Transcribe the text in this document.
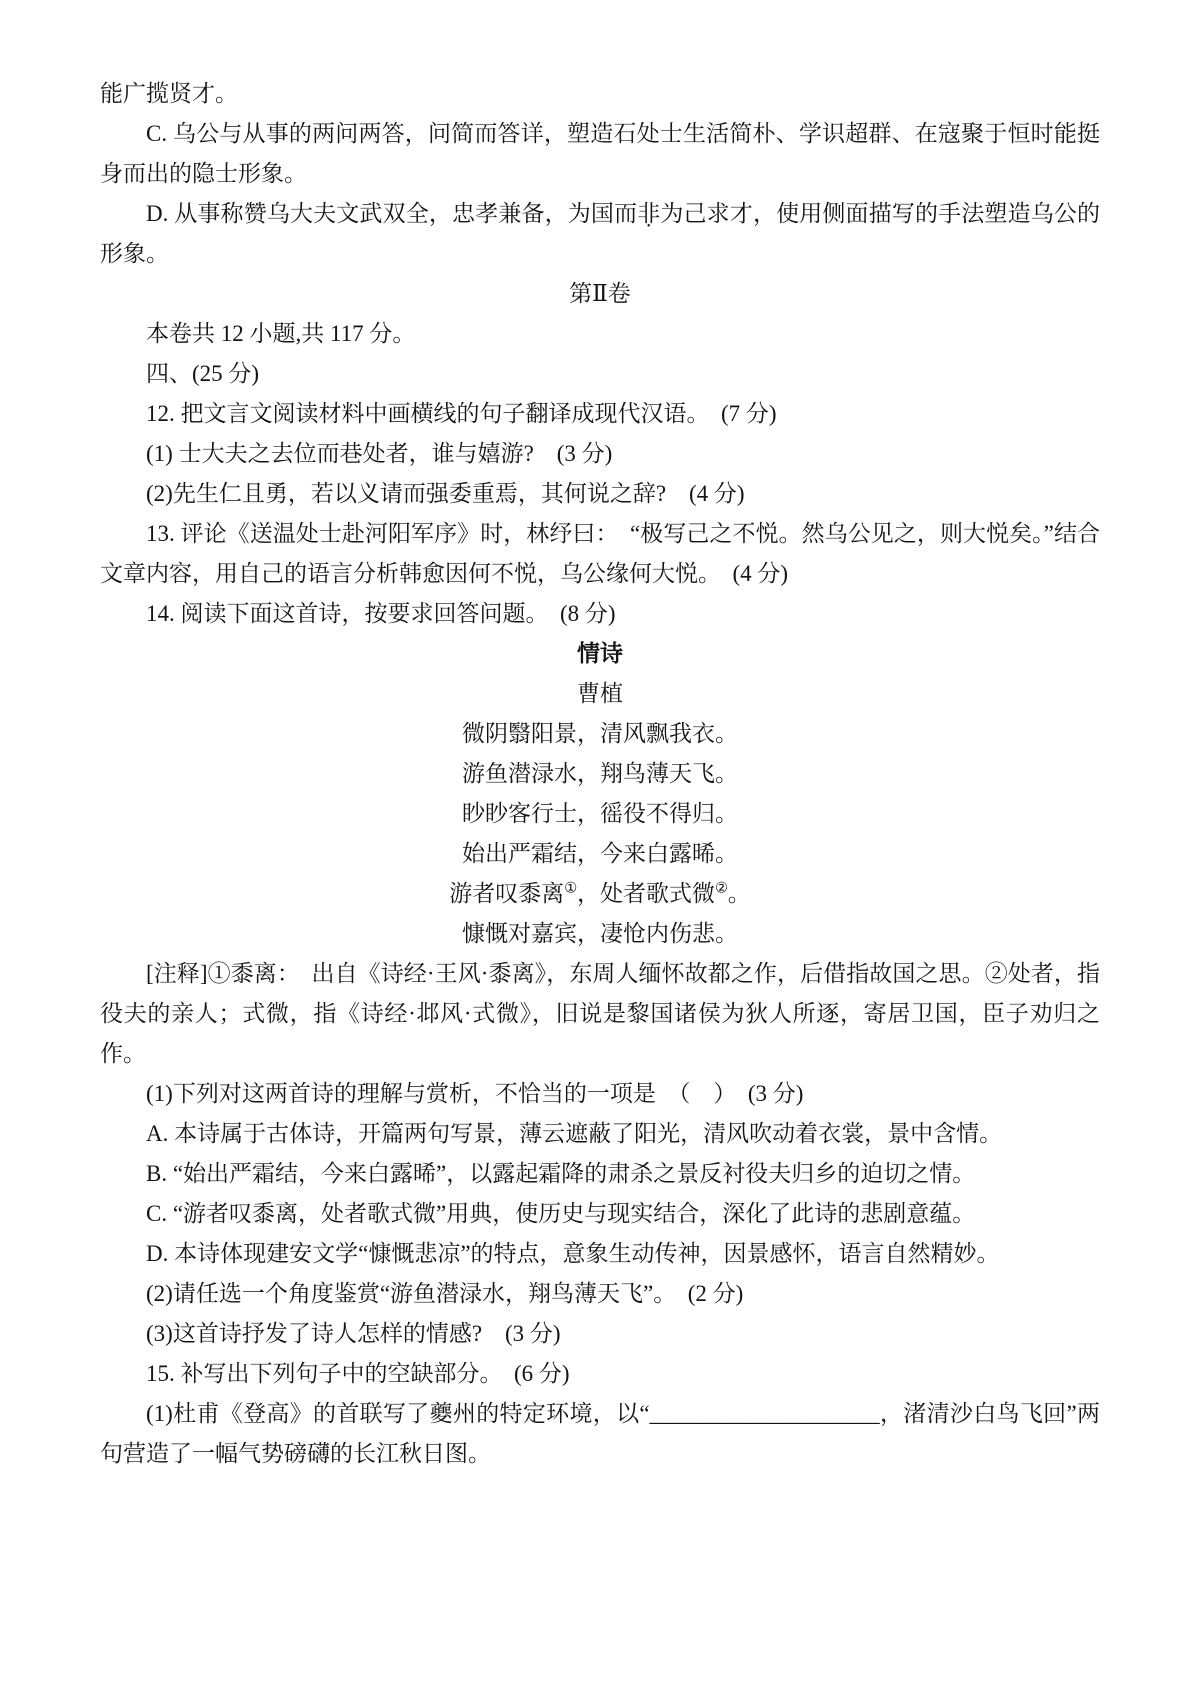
能广揽贤才。

C. 乌公与从事的两问两答，问简而答详，塑造石处士生活简朴、学识超群、在寇聚于恒时能挺身而出的隐士形象。

D. 从事称赞乌大夫文武双全，忠孝兼备，为国而非为己求才，使用侧面描写的手法塑造乌公的形象。

第Ⅱ卷

本卷共 12 小题,共 117 分。

四、(25 分)

12. 把文言文阅读材料中画横线的句子翻译成现代汉语。　(7 分)

(1) 士大夫之去位而巷处者，谁与嬉游?　(3 分)

(2)先生仁且勇，若以义请而强委重焉，其何说之辞?　(4 分)

13. 评论《送温处士赴河阳军序》时，林纾曰：　“极写己之不悦。然乌公见之，则大悦矣。”结合文章内容，用自己的语言分析韩愈因何不悦，乌公缘何大悦。　(4 分)

14. 阅读下面这首诗，按要求回答问题。　(8 分)

情诗

曹植

微阴翳阳景，清风飘我衣。

游鱼潜渌水，翔鸟薄天飞。

眇眇客行士，徭役不得归。

始出严霜结，今来白露晞。

游者叹黍离①，处者歌式微②。

慷慨对嘉宾，凄怆内伤悲。

[注释]①黍离：　出自《诗经·王风·黍离》，东周人缅怀故都之作，后借指故国之思。②处者，指役夫的亲人；式微，指《诗经·邶风·式微》，旧说是黎国诸侯为狄人所逐，寄居卫国，臣子劝归之作。

(1)下列对这两首诗的理解与赏析，不恰当的一项是　（　）　(3 分)

A. 本诗属于古体诗，开篇两句写景，薄云遮蔽了阳光，清风吹动着衣裳，景中含情。

B. “始出严霜结，今来白露晞”，以露起霜降的肃杀之景反衬役夫归乡的迫切之情。

C. “游者叹黍离，处者歌式微”用典，使历史与现实结合，深化了此诗的悲剧意蕴。

D. 本诗体现建安文学“慷慨悲凉”的特点，意象生动传神，因景感怀，语言自然精妙。

(2)请任选一个角度鉴赏“游鱼潜渌水，翔鸟薄天飞”。　(2 分)

(3)这首诗抒发了诗人怎样的情感?　(3 分)

15. 补写出下列句子中的空缺部分。　(6 分)

(1)杜甫《登高》的首联写了夔州的特定环境，以“____________________，渚清沙白鸟飞回”两句营造了一幅气势磅礴的长江秋日图。
